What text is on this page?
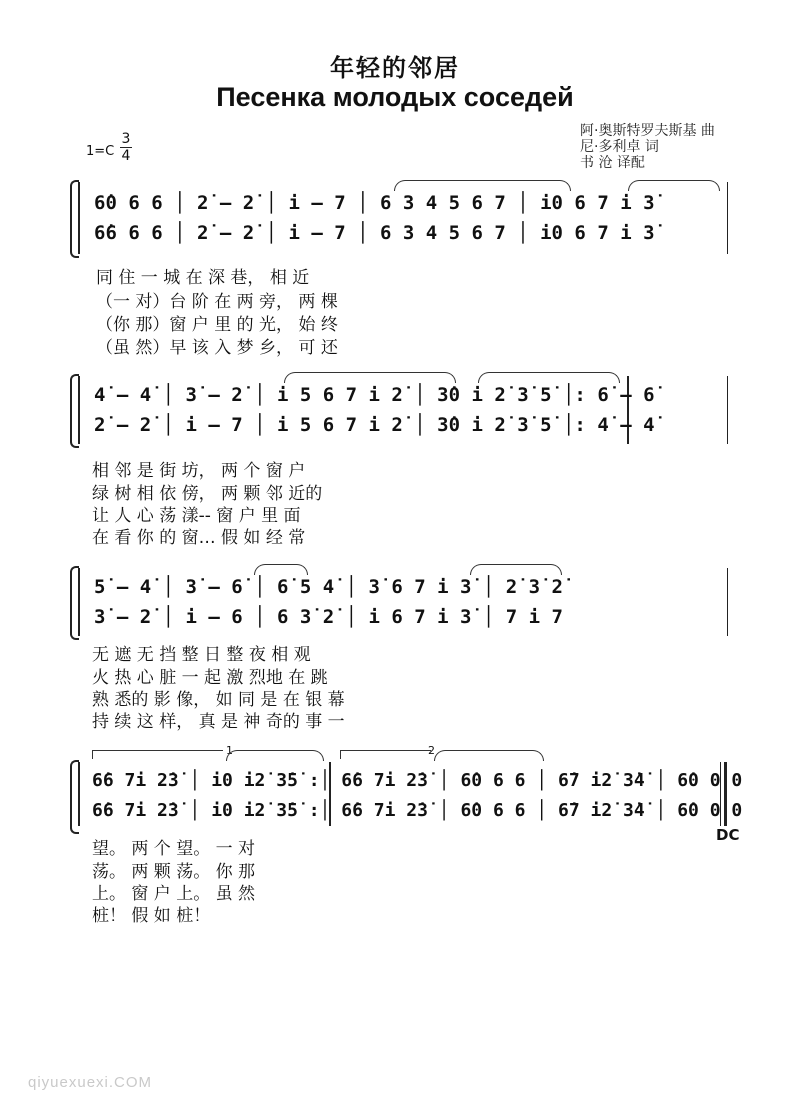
年轻的邻居
Песенка молодых соседей
阿·奥斯特罗夫斯基 曲
尼·多利卓 词
书 沧 译配
1=C
3
4
6̇0 6 6 │ 2̇ – 2̇ │ i – 7 │ 6 3 4 5 6 7 │ i0 6 7 i 3̇
6̇6 6 6 │ 2̇ – 2̇ │ i – 7 │ 6 3 4 5 6 7 │ i0 6 7 i 3̇
同 住 一 城 在 深 巷， 相 近
（一 对）台 阶 在 两 旁， 两 棵
（你 那）窗 户 里 的 光， 始 终
（虽 然）早 该 入 梦 乡， 可 还
4̇ – 4̇ │ 3̇ – 2̇ │ i 5 6 7 i 2̇ │ 3̇0 i 2̇ 3̇ 5̇ │: 6̇ – 6̇
2̇ – 2̇ │ i – 7 │ i 5 6 7 i 2̇ │ 3̇0 i 2̇ 3̇ 5̇ │: 4̇ – 4̇
相 邻 是 街 坊， 两 个 窗 户
绿 树 相 依 傍， 两 颗 邻 近的
让 人 心 荡 漾-- 窗 户 里 面
在 看 你 的 窗… 假 如 经 常
5̇ – 4̇ │ 3̇ – 6̇ │ 6̇ 5 4̇ │ 3̇ 6 7 i 3̇ │ 2̇ 3̇ 2̇
3̇ – 2̇ │ i – 6 │ 6 3̇ 2̇ │ i 6 7 i 3̇ │ 7 i 7
无 遮 无 挡 整 日 整 夜 相 观
火 热 心 脏 一 起 激 烈地 在 跳
熟 悉的 影 像， 如 同 是 在 银 幕
持 续 这 样， 真 是 神 奇的 事 一
1	2
6̇6 7i 2̇3̇ │ i0 i2̇ 3̇5̇ :│ 6̇6 7i 2̇3̇ │ 6̇0 6 6 │ 6̇7 i2̇ 3̇4̇ │ 6̇0 0 0
6̇6 7i 2̇3̇ │ i0 i2̇ 3̇5̇ :│ 6̇6 7i 2̇3̇ │ 6̇0 6 6 │ 6̇7 i2̇ 3̇4̇ │ 6̇0 0 0
DC
望。 两 个 望。 一 对
荡。 两 颗 荡。 你 那
上。 窗 户 上。 虽 然
桩！ 假 如 桩！
qiyuexuexi.COM
